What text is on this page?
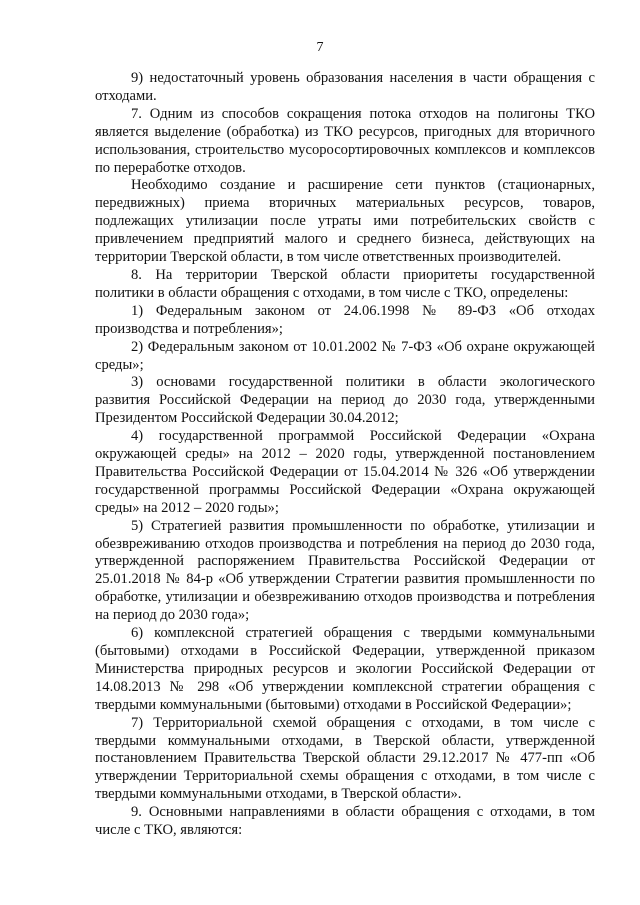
7

9) недостаточный уровень образования населения в части обращения с отходами.

7. Одним из способов сокращения потока отходов на полигоны ТКО является выделение (обработка) из ТКО ресурсов, пригодных для вторичного использования, строительство мусоросортировочных комплексов и комплексов по переработке отходов.

Необходимо создание и расширение сети пунктов (стационарных, передвижных) приема вторичных материальных ресурсов, товаров, подлежащих утилизации после утраты ими потребительских свойств с привлечением предприятий малого и среднего бизнеса, действующих на территории Тверской области, в том числе ответственных производителей.

8. На территории Тверской области приоритеты государственной политики в области обращения с отходами, в том числе с ТКО, определены:

1) Федеральным законом от 24.06.1998 № 89-ФЗ «Об отходах производства и потребления»;

2) Федеральным законом от 10.01.2002 № 7-ФЗ «Об охране окружающей среды»;

3) основами государственной политики в области экологического развития Российской Федерации на период до 2030 года, утвержденными Президентом Российской Федерации 30.04.2012;

4) государственной программой Российской Федерации «Охрана окружающей среды» на 2012 – 2020 годы, утвержденной постановлением Правительства Российской Федерации от 15.04.2014 № 326 «Об утверждении государственной программы Российской Федерации «Охрана окружающей среды» на 2012 – 2020 годы»;

5) Стратегией развития промышленности по обработке, утилизации и обезвреживанию отходов производства и потребления на период до 2030 года, утвержденной распоряжением Правительства Российской Федерации от 25.01.2018 № 84-р «Об утверждении Стратегии развития промышленности по обработке, утилизации и обезвреживанию отходов производства и потребления на период до 2030 года»;

6) комплексной стратегией обращения с твердыми коммунальными (бытовыми) отходами в Российской Федерации, утвержденной приказом Министерства природных ресурсов и экологии Российской Федерации от 14.08.2013 № 298 «Об утверждении комплексной стратегии обращения с твердыми коммунальными (бытовыми) отходами в Российской Федерации»;

7) Территориальной схемой обращения с отходами, в том числе с твердыми коммунальными отходами, в Тверской области, утвержденной постановлением Правительства Тверской области 29.12.2017 № 477-пп «Об утверждении Территориальной схемы обращения с отходами, в том числе с твердыми коммунальными отходами, в Тверской области».

9. Основными направлениями в области обращения с отходами, в том числе с ТКО, являются:
